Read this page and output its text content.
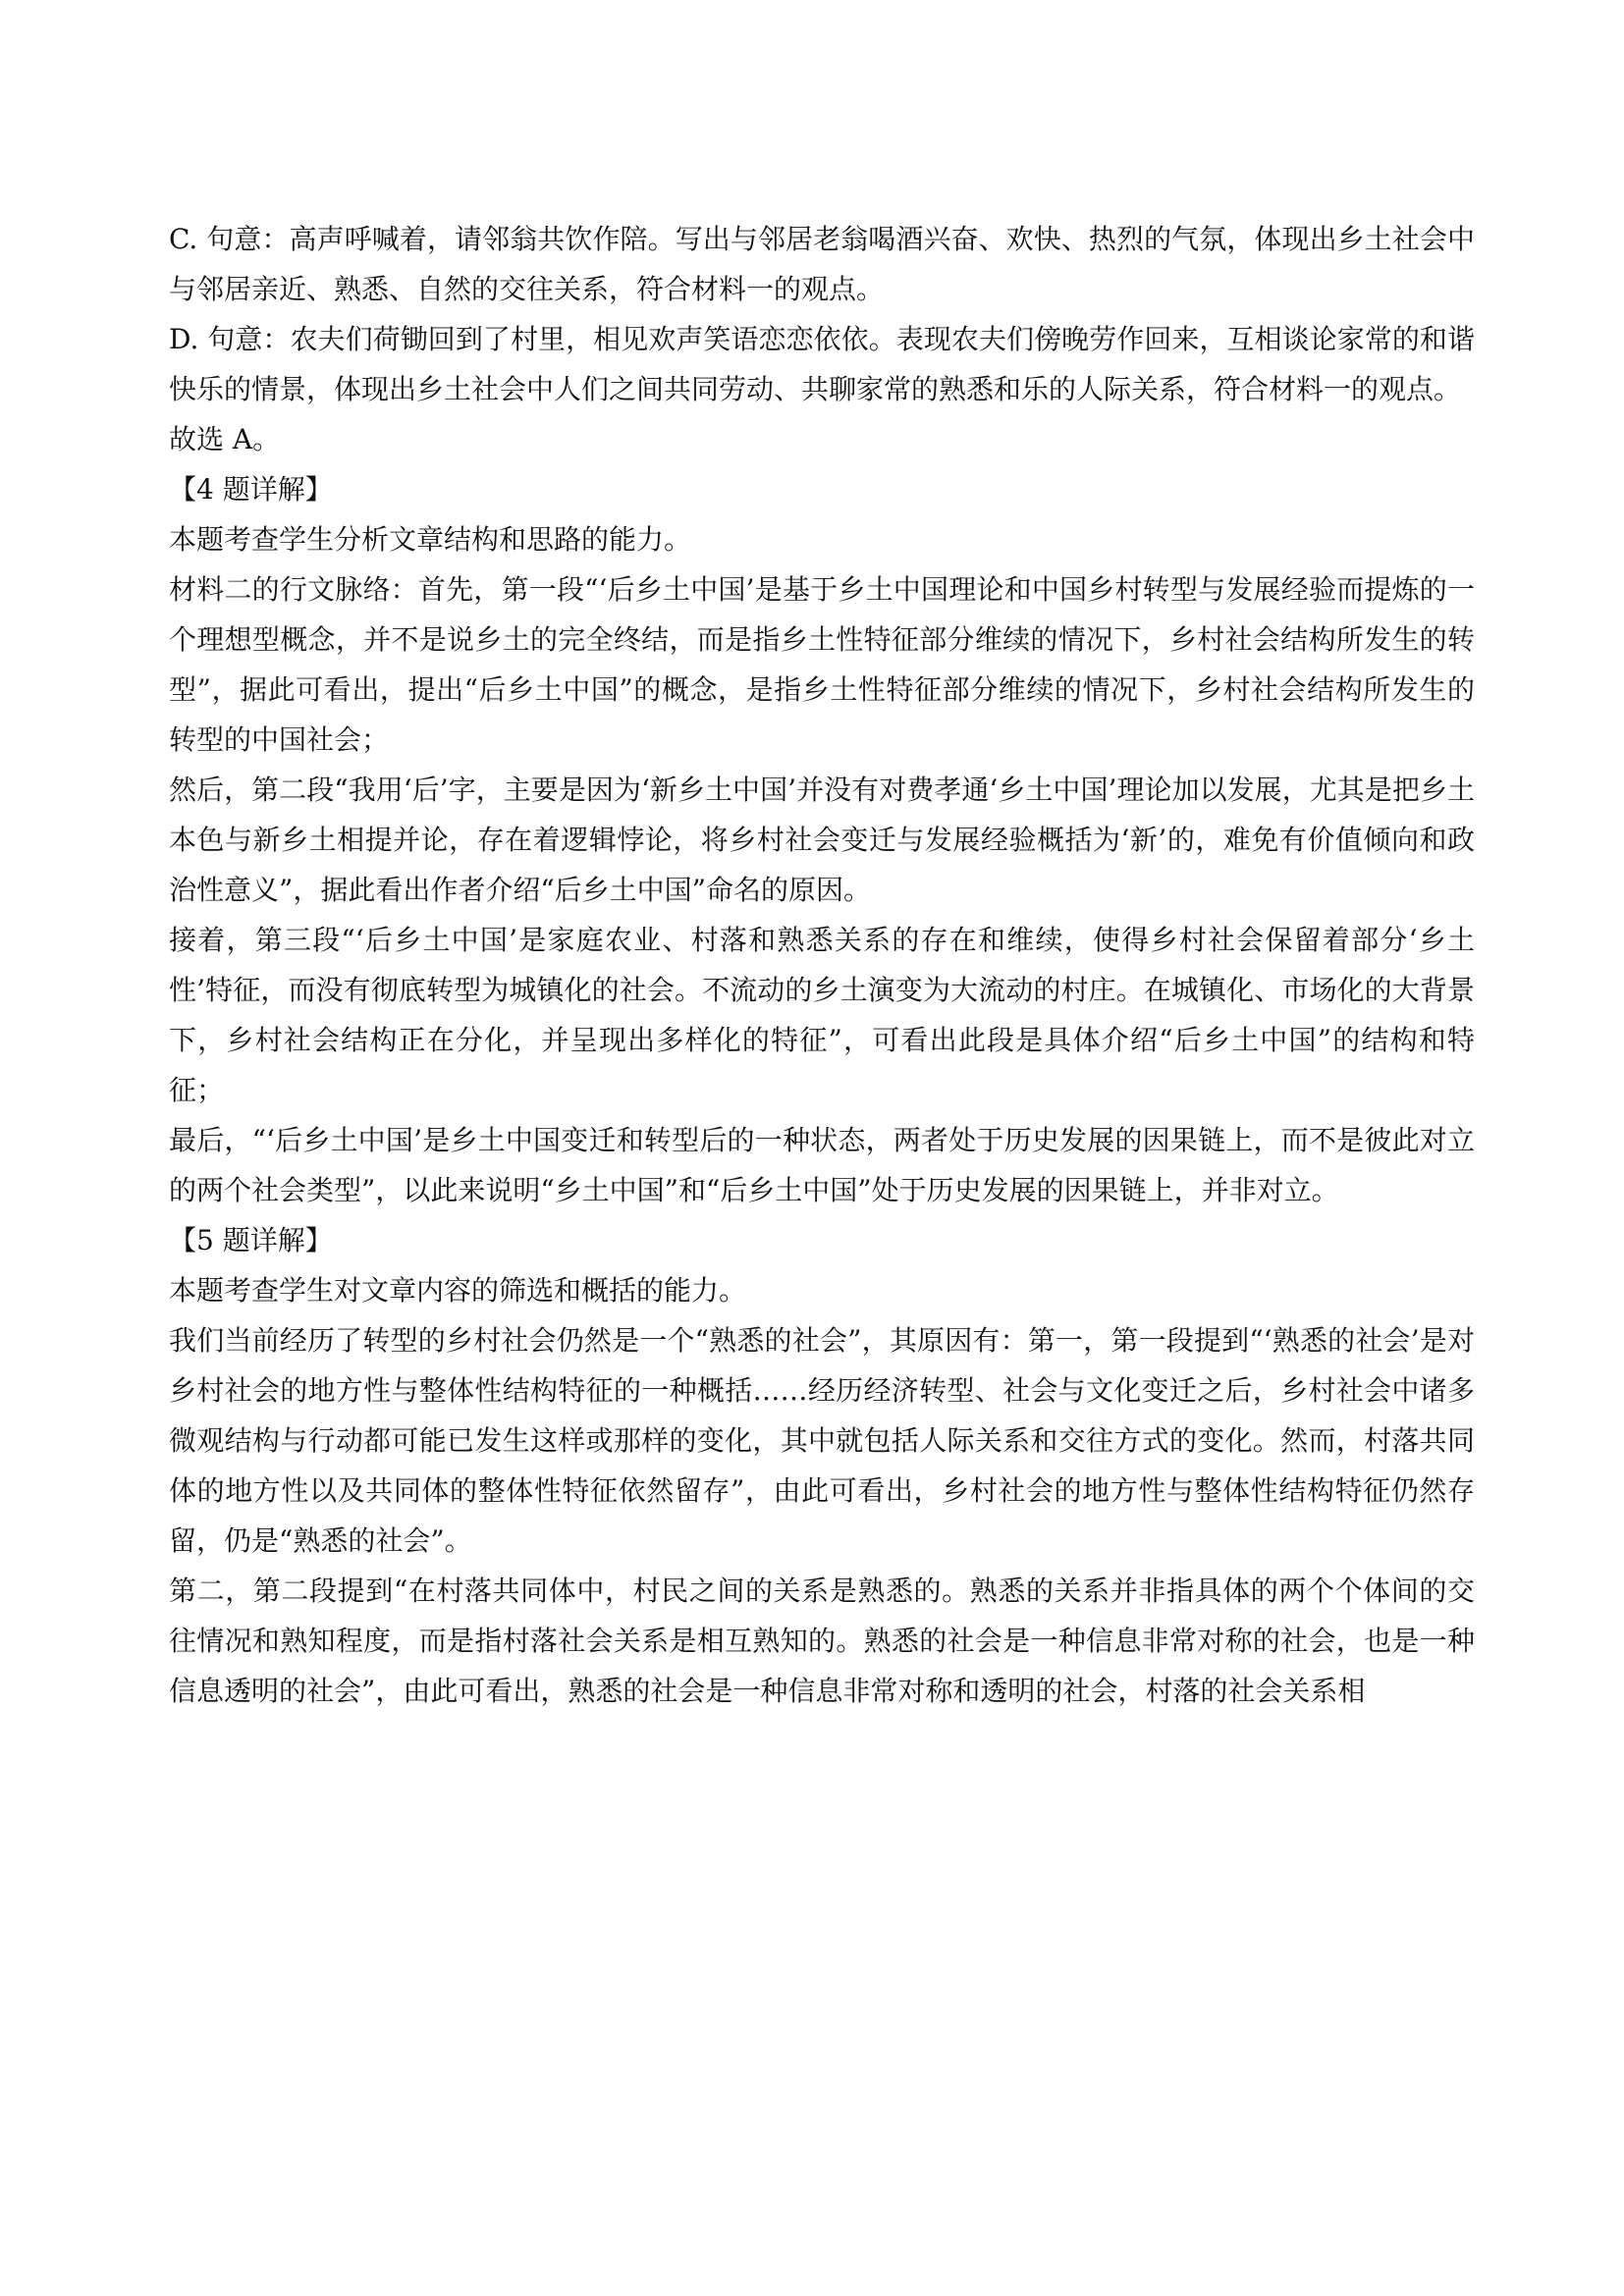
C. 句意：高声呼喊着，请邻翁共饮作陪。写出与邻居老翁喝酒兴奋、欢快、热烈的气氛，体现出乡土社会中与邻居亲近、熟悉、自然的交往关系，符合材料一的观点。

D. 句意：农夫们荷锄回到了村里，相见欢声笑语恋恋依依。表现农夫们傍晚劳作回来，互相谈论家常的和谐快乐的情景，体现出乡土社会中人们之间共同劳动、共聊家常的熟悉和乐的人际关系，符合材料一的观点。

故选 A。

【4 题详解】

本题考查学生分析文章结构和思路的能力。

材料二的行文脉络：首先，第一段“‘后乡土中国’是基于乡土中国理论和中国乡村转型与发展经验而提炼的一个理想型概念，并不是说乡土的完全终结，而是指乡土性特征部分维续的情况下，乡村社会结构所发生的转型”，据此可看出，提出“后乡土中国”的概念，是指乡土性特征部分维续的情况下，乡村社会结构所发生的转型的中国社会；

然后，第二段“我用‘后’字，主要是因为‘新乡土中国’并没有对费孝通‘乡土中国’理论加以发展，尤其是把乡土本色与新乡土相提并论，存在着逻辑悖论，将乡村社会变迁与发展经验概括为‘新’的，难免有价值倾向和政治性意义”，据此看出作者介绍“后乡土中国”命名的原因。

接着，第三段“‘后乡土中国’是家庭农业、村落和熟悉关系的存在和维续，使得乡村社会保留着部分‘乡土性’特征，而没有彻底转型为城镇化的社会。不流动的乡土演变为大流动的村庄。在城镇化、市场化的大背景下，乡村社会结构正在分化，并呈现出多样化的特征”，可看出此段是具体介绍“后乡土中国”的结构和特征；

最后，“‘后乡土中国’是乡土中国变迁和转型后的一种状态，两者处于历史发展的因果链上，而不是彼此对立的两个社会类型”，以此来说明“乡土中国”和“后乡土中国”处于历史发展的因果链上，并非对立。

【5 题详解】

本题考查学生对文章内容的筛选和概括的能力。

我们当前经历了转型的乡村社会仍然是一个“熟悉的社会”，其原因有：第一，第一段提到“‘熟悉的社会’是对乡村社会的地方性与整体性结构特征的一种概括……经历经济转型、社会与文化变迁之后，乡村社会中诸多微观结构与行动都可能已发生这样或那样的变化，其中就包括人际关系和交往方式的变化。然而，村落共同体的地方性以及共同体的整体性特征依然留存”，由此可看出，乡村社会的地方性与整体性结构特征仍然存留，仍是“熟悉的社会”。

第二，第二段提到“在村落共同体中，村民之间的关系是熟悉的。熟悉的关系并非指具体的两个个体间的交往情况和熟知程度，而是指村落社会关系是相互熟知的。熟悉的社会是一种信息非常对称的社会，也是一种信息透明的社会”，由此可看出，熟悉的社会是一种信息非常对称和透明的社会，村落的社会关系相
